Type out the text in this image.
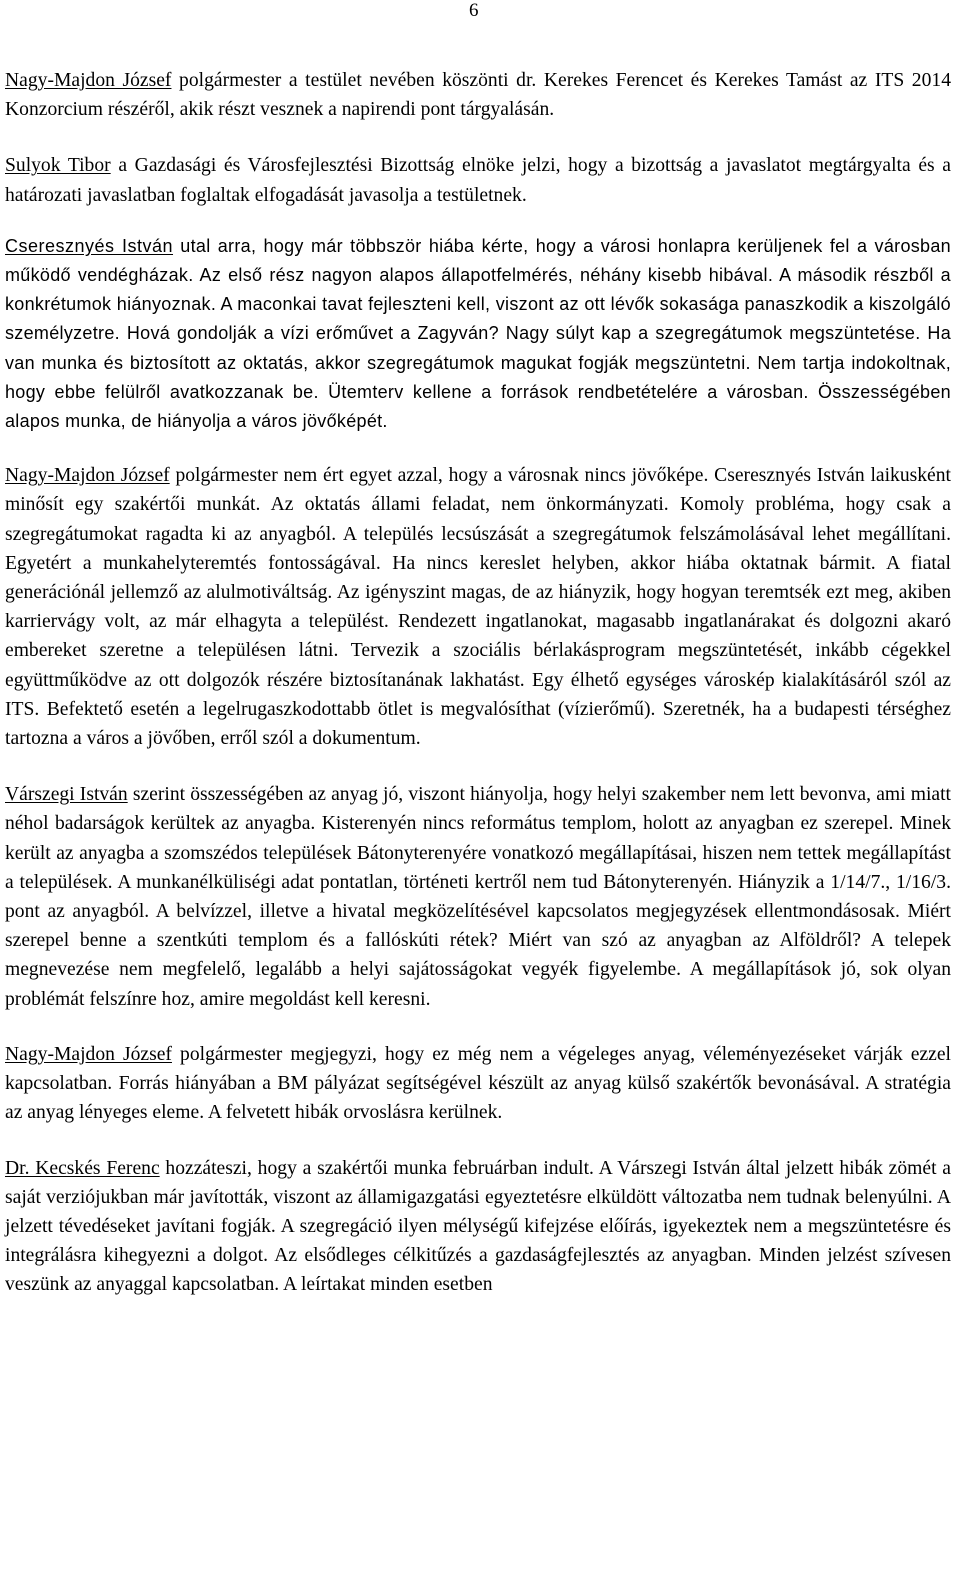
6

Nagy-Majdon József polgármester a testület nevében köszönti dr. Kerekes Ferencet és Kerekes Tamást az ITS 2014 Konzorcium részéről, akik részt vesznek a napirendi pont tárgyalásán.

Sulyok Tibor a Gazdasági és Városfejlesztési Bizottság elnöke jelzi, hogy a bizottság a javaslatot megtárgyalta és a határozati javaslatban foglaltak elfogadását javasolja a testületnek.

Cseresznyés István utal arra, hogy már többször hiába kérte, hogy a városi honlapra kerüljenek fel a városban működő vendégházak. Az első rész nagyon alapos állapotfelmérés, néhány kisebb hibával. A második részből a konkrétumok hiányoznak. A maconkai tavat fejleszteni kell, viszont az ott lévők sokasága panaszkodik a kiszolgáló személyzetre. Hová gondolják a vízi erőművet a Zagyván? Nagy súlyt kap a szegregátumok megszüntetése. Ha van munka és biztosított az oktatás, akkor szegregátumok magukat fogják megszüntetni. Nem tartja indokoltnak, hogy ebbe felülről avatkozzanak be. Ütemterv kellene a források rendbetételére a városban. Összességében alapos munka, de hiányolja a város jövőképét.

Nagy-Majdon József polgármester nem ért egyet azzal, hogy a városnak nincs jövőképe. Cseresznyés István laikusként minősít egy szakértői munkát. Az oktatás állami feladat, nem önkormányzati. Komoly probléma, hogy csak a szegregátumokat ragadta ki az anyagból. A település lecsúszását a szegregátumok felszámolásával lehet megállítani. Egyetért a munkahelyteremtés fontosságával. Ha nincs kereslet helyben, akkor hiába oktatnak bármit. A fiatal generációnál jellemző az alulmotiváltság. Az igényszint magas, de az hiányzik, hogy hogyan teremtsék ezt meg, akiben karriervágy volt, az már elhagyta a települést. Rendezett ingatlanokat, magasabb ingatlanárakat és dolgozni akaró embereket szeretne a településen látni. Tervezik a szociális bérlakásprogram megszüntetését, inkább cégekkel együttműködve az ott dolgozók részére biztosítanának lakhatást. Egy élhető egységes városkép kialakításáról szól az ITS. Befektető esetén a legelrugaszkodottabb ötlet is megvalósíthat (vízierőmű). Szeretnék, ha a budapesti térséghez tartozna a város a jövőben, erről szól a dokumentum.

Várszegi István szerint összességében az anyag jó, viszont hiányolja, hogy helyi szakember nem lett bevonva, ami miatt néhol badarságok kerültek az anyagba. Kisterenyén nincs református templom, holott az anyagban ez szerepel. Minek került az anyagba a szomszédos települések Bátonyterenyére vonatkozó megállapításai, hiszen nem tettek megállapítást a települések. A munkanélküliségi adat pontatlan, történeti kertről nem tud Bátonyterenyén. Hiányzik a 1/14/7., 1/16/3. pont az anyagból. A belvízzel, illetve a hivatal megközelítésével kapcsolatos megjegyzések ellentmondásosak. Miért szerepel benne a szentkúti templom és a fallóskúti rétek? Miért van szó az anyagban az Alföldről? A telepek megnevezése nem megfelelő, legalább a helyi sajátosságokat vegyék figyelembe. A megállapítások jó, sok olyan problémát felszínre hoz, amire megoldást kell keresni.

Nagy-Majdon József polgármester megjegyzi, hogy ez még nem a végeleges anyag, véleményezéseket várják ezzel kapcsolatban. Forrás hiányában a BM pályázat segítségével készült az anyag külső szakértők bevonásával. A stratégia az anyag lényeges eleme. A felvetett hibák orvoslásra kerülnek.

Dr. Kecskés Ferenc hozzáteszi, hogy a szakértői munka februárban indult. A Várszegi István által jelzett hibák zömét a saját verziójukban már javították, viszont az államigazgatási egyeztetésre elküldött változatba nem tudnak belenyúlni. A jelzett tévedéseket javítani fogják. A szegregáció ilyen mélységű kifejzése előírás, igyekeztek nem a megszüntetésre és integrálásra kihegyezni a dolgot. Az elsődleges célkitűzés a gazdaságfejlesztés az anyagban. Minden jelzést szívesen veszünk az anyaggal kapcsolatban. A leírtakat minden esetben
